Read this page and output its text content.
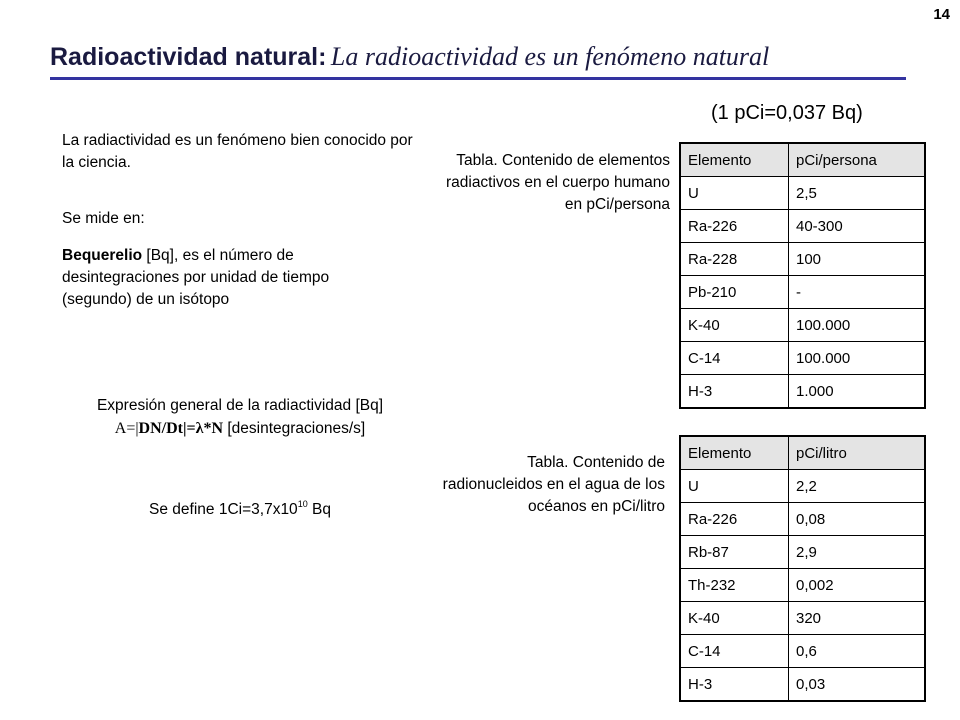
14
Radioactividad natural: La radioactividad es un fenómeno natural
(1 pCi=0,037 Bq)
La radiactividad es un fenómeno bien conocido por la ciencia.
Se mide en:
Bequerelio [Bq], es el número de desintegraciones por unidad de tiempo (segundo) de un isótopo
Expresión general de la radiactividad [Bq]
A=|DN/Dt|=λ*N [desintegraciones/s]
Se define $1Ci=3,7x10^{10}$ Bq
Tabla. Contenido de elementos radiactivos en el cuerpo humano en pCi/persona
Elemento	pCi/persona
U	2,5
Ra-226	40-300
Ra-228	100
Pb-210	-
K-40	100.000
C-14	100.000
H-3	1.000
Tabla. Contenido de radionucleidos en el agua de los océanos en pCi/litro
Elemento	pCi/litro
U	2,2
Ra-226	0,08
Rb-87	2,9
Th-232	0,002
K-40	320
C-14	0,6
H-3	0,03
